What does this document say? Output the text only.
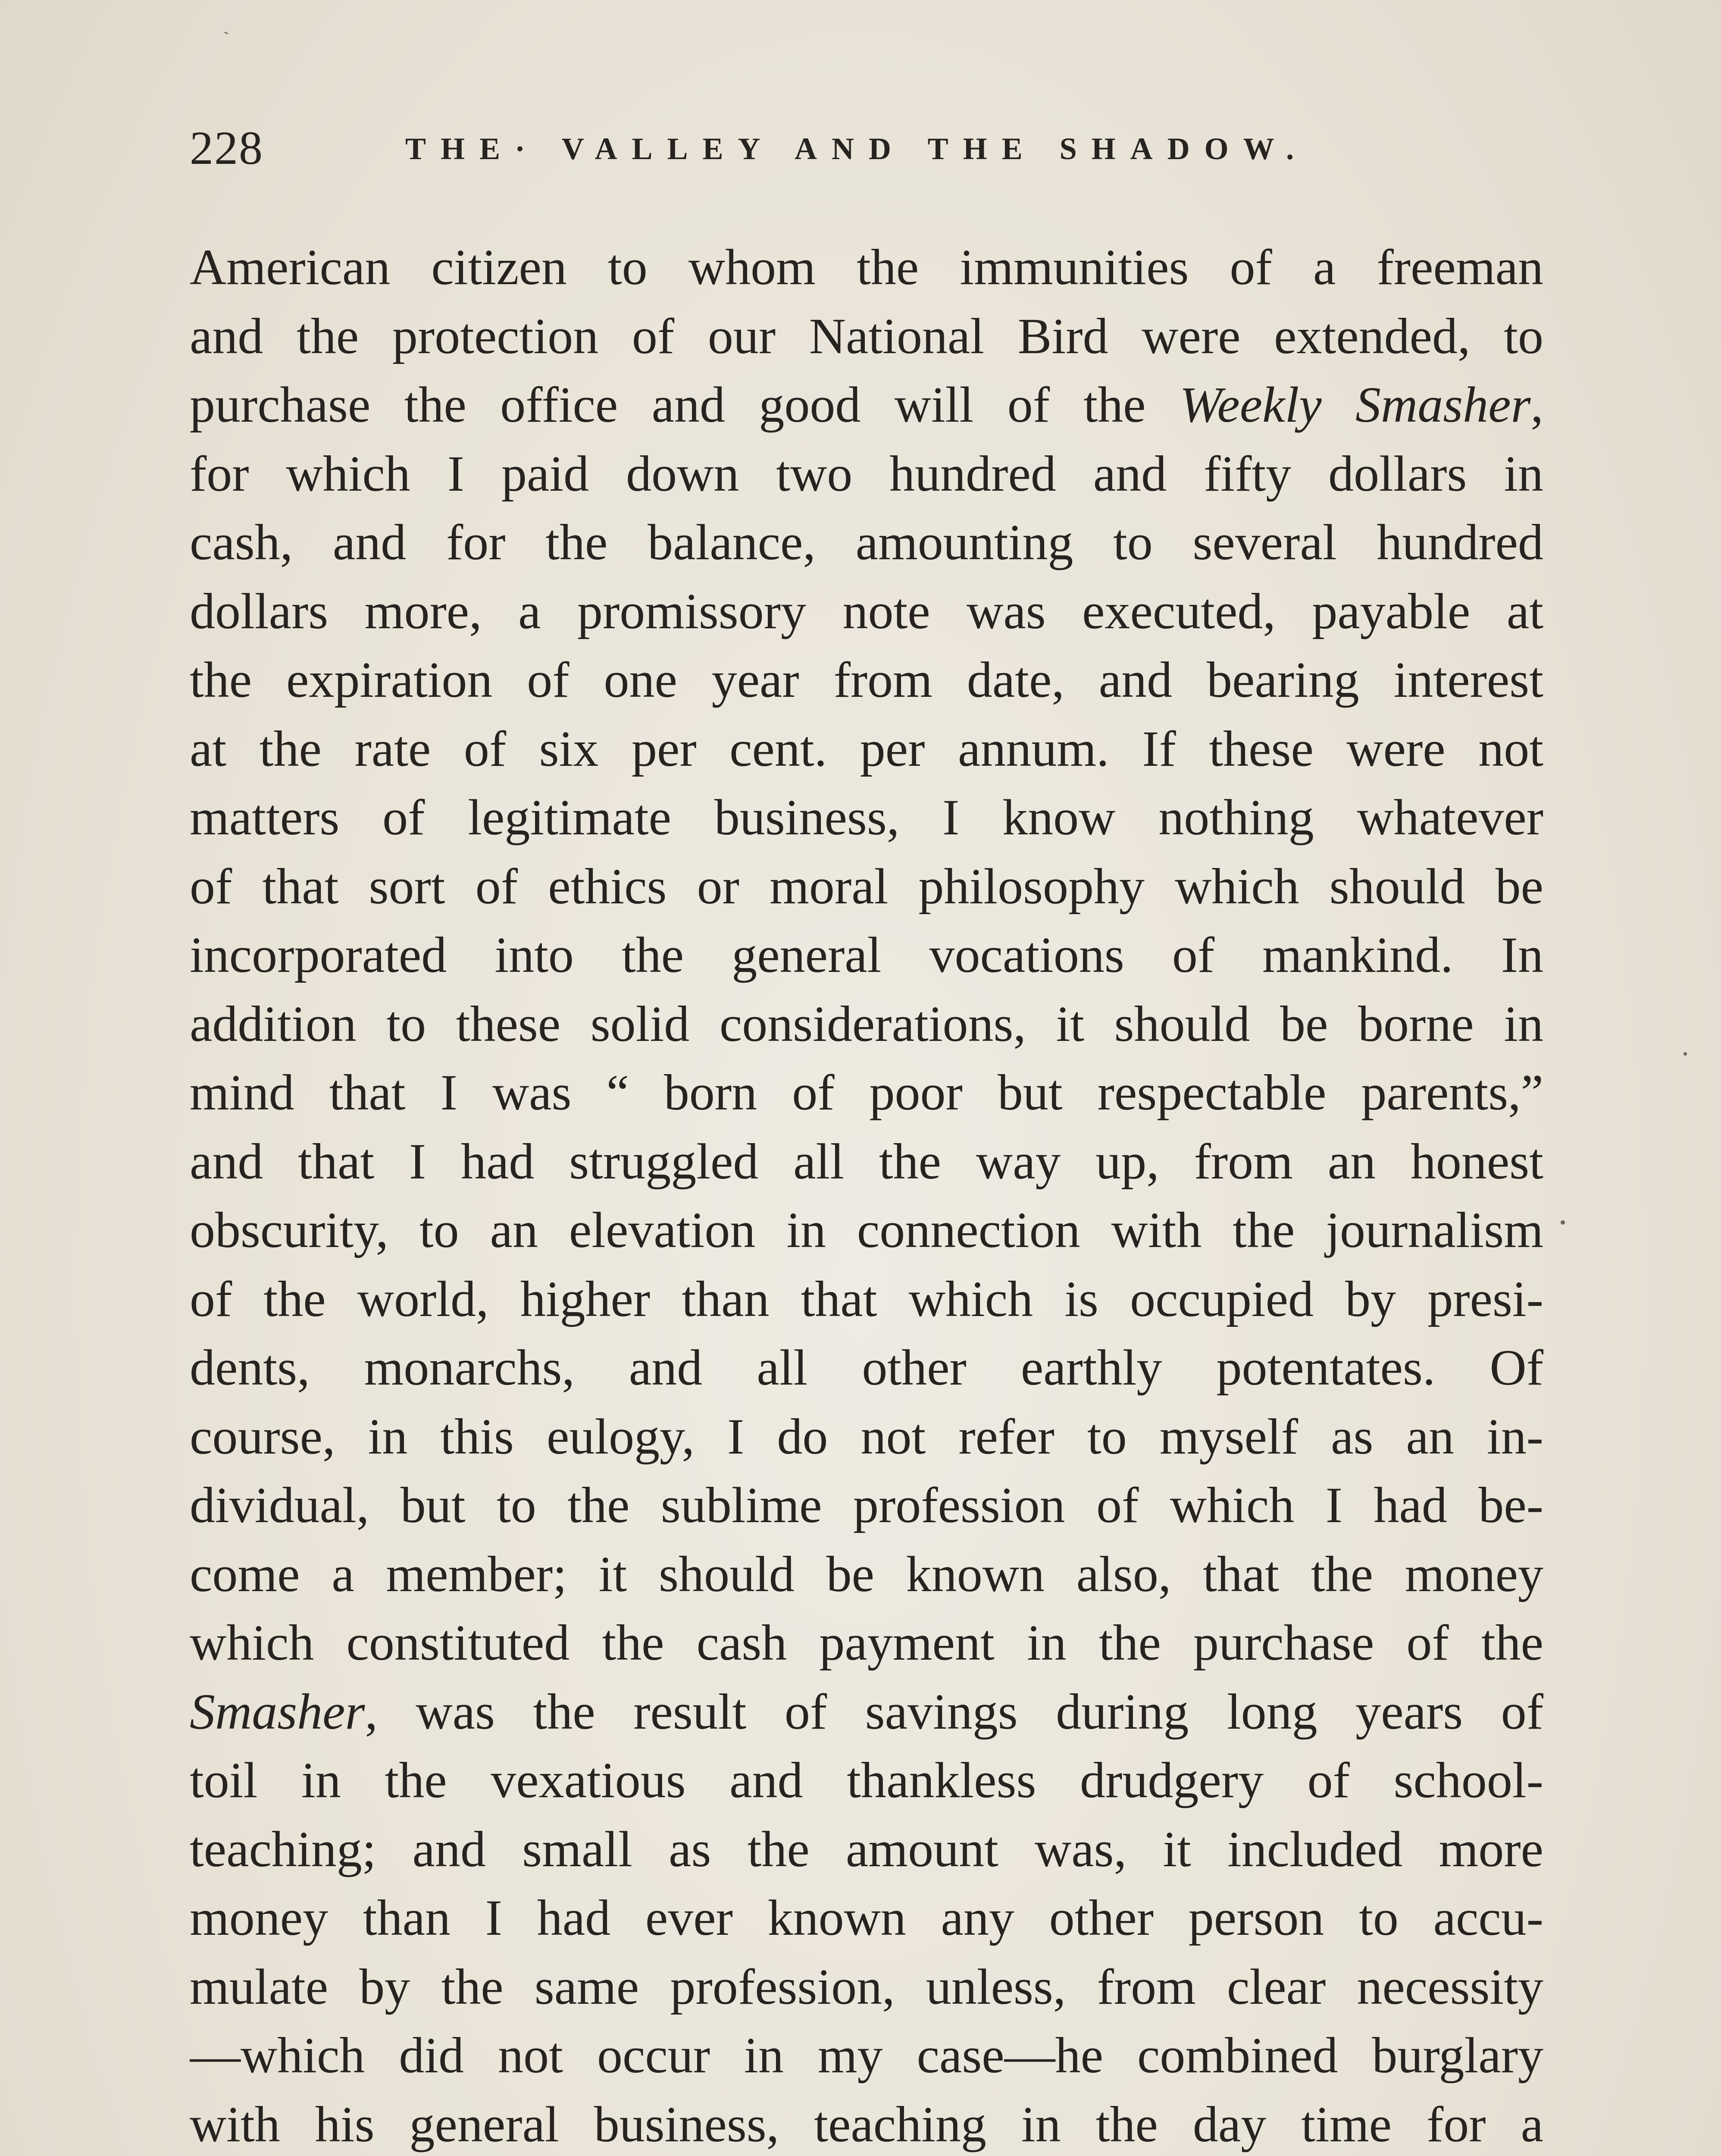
228	THE· VALLEY AND THE SHADOW.
American citizen to whom the immunities of a freeman
and the protection of our National Bird were extended, to
purchase the office and good will of the Weekly Smasher,
for which I paid down two hundred and fifty dollars in
cash, and for the balance, amounting to several hundred
dollars more, a promissory note was executed, payable at
the expiration of one year from date, and bearing interest
at the rate of six per cent. per annum. If these were not
matters of legitimate business, I know nothing whatever
of that sort of ethics or moral philosophy which should be
incorporated into the general vocations of mankind. In
addition to these solid considerations, it should be borne in
mind that I was “ born of poor but respectable parents,”
and that I had struggled all the way up, from an honest
obscurity, to an elevation in connection with the journalism
of the world, higher than that which is occupied by presi-
dents, monarchs, and all other earthly potentates. Of
course, in this eulogy, I do not refer to myself as an in-
dividual, but to the sublime profession of which I had be-
come a member; it should be known also, that the money
which constituted the cash payment in the purchase of the
Smasher, was the result of savings during long years of
toil in the vexatious and thankless drudgery of school-
teaching; and small as the amount was, it included more
money than I had ever known any other person to accu-
mulate by the same profession, unless, from clear necessity
—which did not occur in my case—he combined burglary
with his general business, teaching in the day time for a
